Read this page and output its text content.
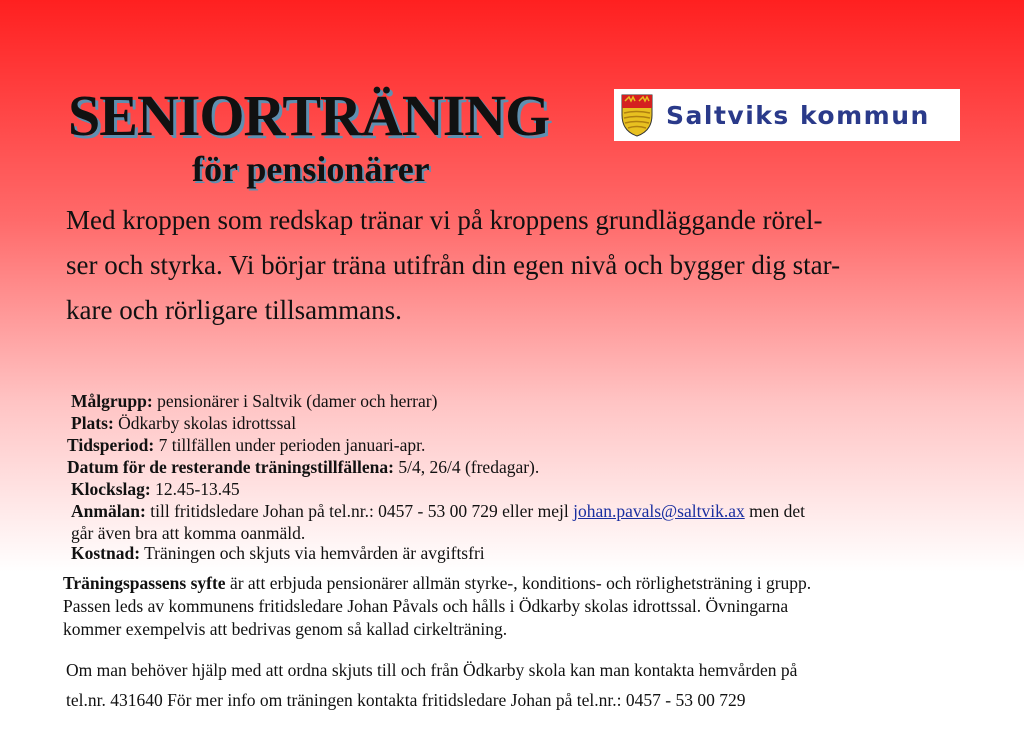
SENIORTRÄNING
för pensionärer
Saltviks kommun
Med kroppen som redskap tränar vi på kroppens grundläggande rörel-
ser och styrka. Vi börjar träna utifrån din egen nivå och bygger dig star-
kare och rörligare tillsammans.
Målgrupp: pensionärer i Saltvik (damer och herrar)
Plats: Ödkarby skolas idrottssal
Tidsperiod: 7 tillfällen under perioden januari-apr.
Datum för de resterande träningstillfällena: 5/4, 26/4 (fredagar).
Klockslag: 12.45-13.45
Anmälan: till fritidsledare Johan på tel.nr.: 0457 - 53 00 729 eller mejl johan.pavals@saltvik.ax men det
går även bra att komma oanmäld.
Kostnad: Träningen och skjuts via hemvården är avgiftsfri
Träningspassens syfte är att erbjuda pensionärer allmän styrke-, konditions- och rörlighetsträning i grupp.
Passen leds av kommunens fritidsledare Johan Påvals och hålls i Ödkarby skolas idrottssal. Övningarna
kommer exempelvis att bedrivas genom så kallad cirkelträning.
Om man behöver hjälp med att ordna skjuts till och från Ödkarby skola kan man kontakta hemvården på
tel.nr. 431640 För mer info om träningen kontakta fritidsledare Johan på tel.nr.: 0457 - 53 00 729
